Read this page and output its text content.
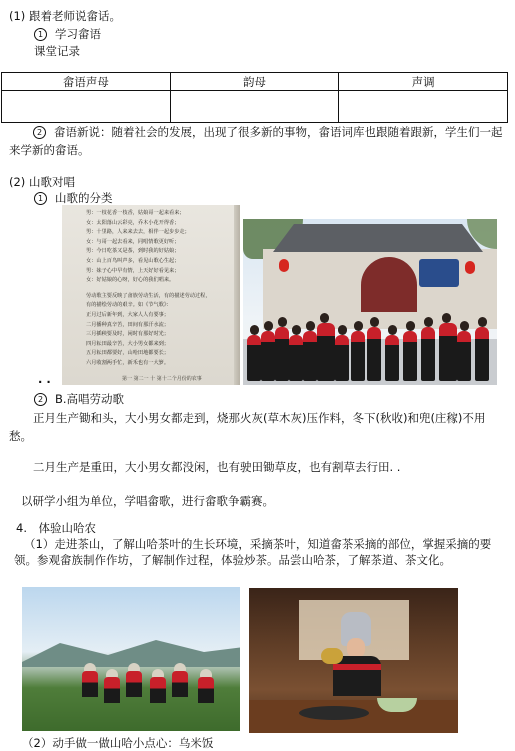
(1) 跟着老师说畲话。
1 学习畲语
课堂记录
畲语声母	韵母	声调

2 畲语新说：随着社会的发展，出现了很多新的事物，畲语词库也跟随着跟新，学生们一起来学新的畲语。
(2) 山歌对唱
1 山歌的分类
男：一枝花香一枝香，姑娘哥一起来看来；
女：太阳落山云彩亮，乔木小花开得香；
男：十里路，人来来去去，相伴一起步步走；
女：与哥一起去看来，同唱情歌更好听；
男：今日吃茶又是茶，到时我的好姑娘；
女：山上百鸟叫声多，看见山歌心生起；
男：妹子心中早有情，上天好好看见来；
女：好姑娘的心呀，好心的我们唱来。
劳动歌主要反映了畲族劳动生活，有的描述劳动过程，
有的描绘劳动的艰辛。如《节气歌》：
正月过后新年到，大家人人有要事；
二月播种真辛苦，田间有那汗水流；
三月插秧要及时，闲时有那好时光；
四月耘田最辛苦，大小男女都来到；
五月耘田都要好，山哈田地都要长；
六月收割两手忙，新禾也有一大箩。
第一 第二一 十 第十二个月份的农事
. .
2 B.高唱劳动歌
正月生产锄和头，大小男女都走到，烧那火灰(草木灰)压作料，冬下(秋收)和兜(庄稼)不用愁。
二月生产是重田，大小男女都没闲，也有驶田锄草皮，也有割草去行田. .
以研学小组为单位，学唱畲歌，进行畲歌争霸赛。
4.　体验山哈农
（1）走进茶山，了解山哈茶叶的生长环境，采摘茶叶，知道畲茶采摘的部位，掌握采摘的要领。参观畲族制作作坊，了解制作过程，体验炒茶。品尝山哈茶，了解茶道、茶文化。
（2）动手做一做山哈小点心：乌米饭
